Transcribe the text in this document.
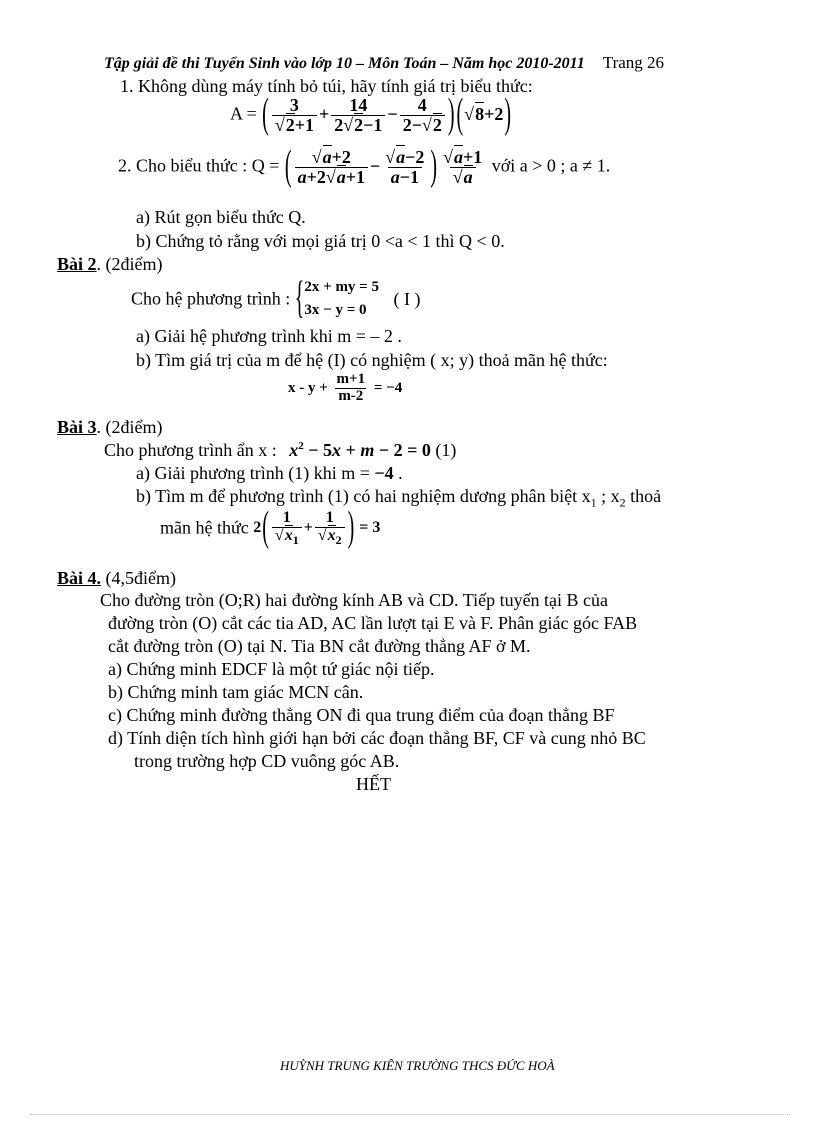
Tập giải đề thi Tuyển Sinh vào lớp 10 – Môn Toán – Năm học 2010-2011 Trang 26
1. Không dùng máy tính bỏ túi, hãy tính giá trị biểu thức:
A = ( $\frac{3}{√2+1} + \frac{14}{2√2-1} - \frac{4}{2-√2}$ ) (√8+2)
2. Cho biểu thức : Q = ( $\frac{√a+2}{a+2√a+1} - \frac{√a-2}{a-1}$ ) $\frac{√a+1}{√a}$ với a > 0 ; a ≠ 1.
a) Rút gọn biểu thức Q.
b) Chứng tỏ rằng với mọi giá trị 0 <a < 1 thì Q < 0.
Bài 2. (2điểm)
Cho hệ phương trình : { 2x + my = 5
3x − y = 0
( I )
a) Giải hệ phương trình khi m = – 2 .
b) Tìm giá trị của m để hệ (I) có nghiệm ( x; y) thoả mãn hệ thức:
$x - y + \frac{m+1}{m-2} = -4$
Bài 3. (2điểm)
Cho phương trình ẩn x : $x^2 - 5x + m - 2 = 0$ (1)
a) Giải phương trình (1) khi m = −4 .
b) Tìm m để phương trình (1) có hai nghiệm dương phân biệt $x_1$ ; $x_2$ thoả
mãn hệ thức $2( \frac{1}{√x_1} + \frac{1}{√x_2}$ ) = 3
Bài 4. (4,5điểm)
Cho đường tròn (O;R) hai đường kính AB và CD. Tiếp tuyến tại B của
đường tròn (O) cắt các tia AD, AC lần lượt tại E và F. Phân giác góc FAB
cắt đường tròn (O) tại N. Tia BN cắt đường thẳng AF ở M.
a) Chứng minh EDCF là một tứ giác nội tiếp.
b) Chứng minh tam giác MCN cân.
c) Chứng minh đường thẳng ON đi qua trung điểm của đoạn thẳng BF
d) Tính diện tích hình giới hạn bởi các đoạn thẳng BF, CF và cung nhỏ BC
trong trường hợp CD vuông góc AB.
HẾT
HUỲNH TRUNG KIÊN TRƯỜNG THCS ĐỨC HOÀ
